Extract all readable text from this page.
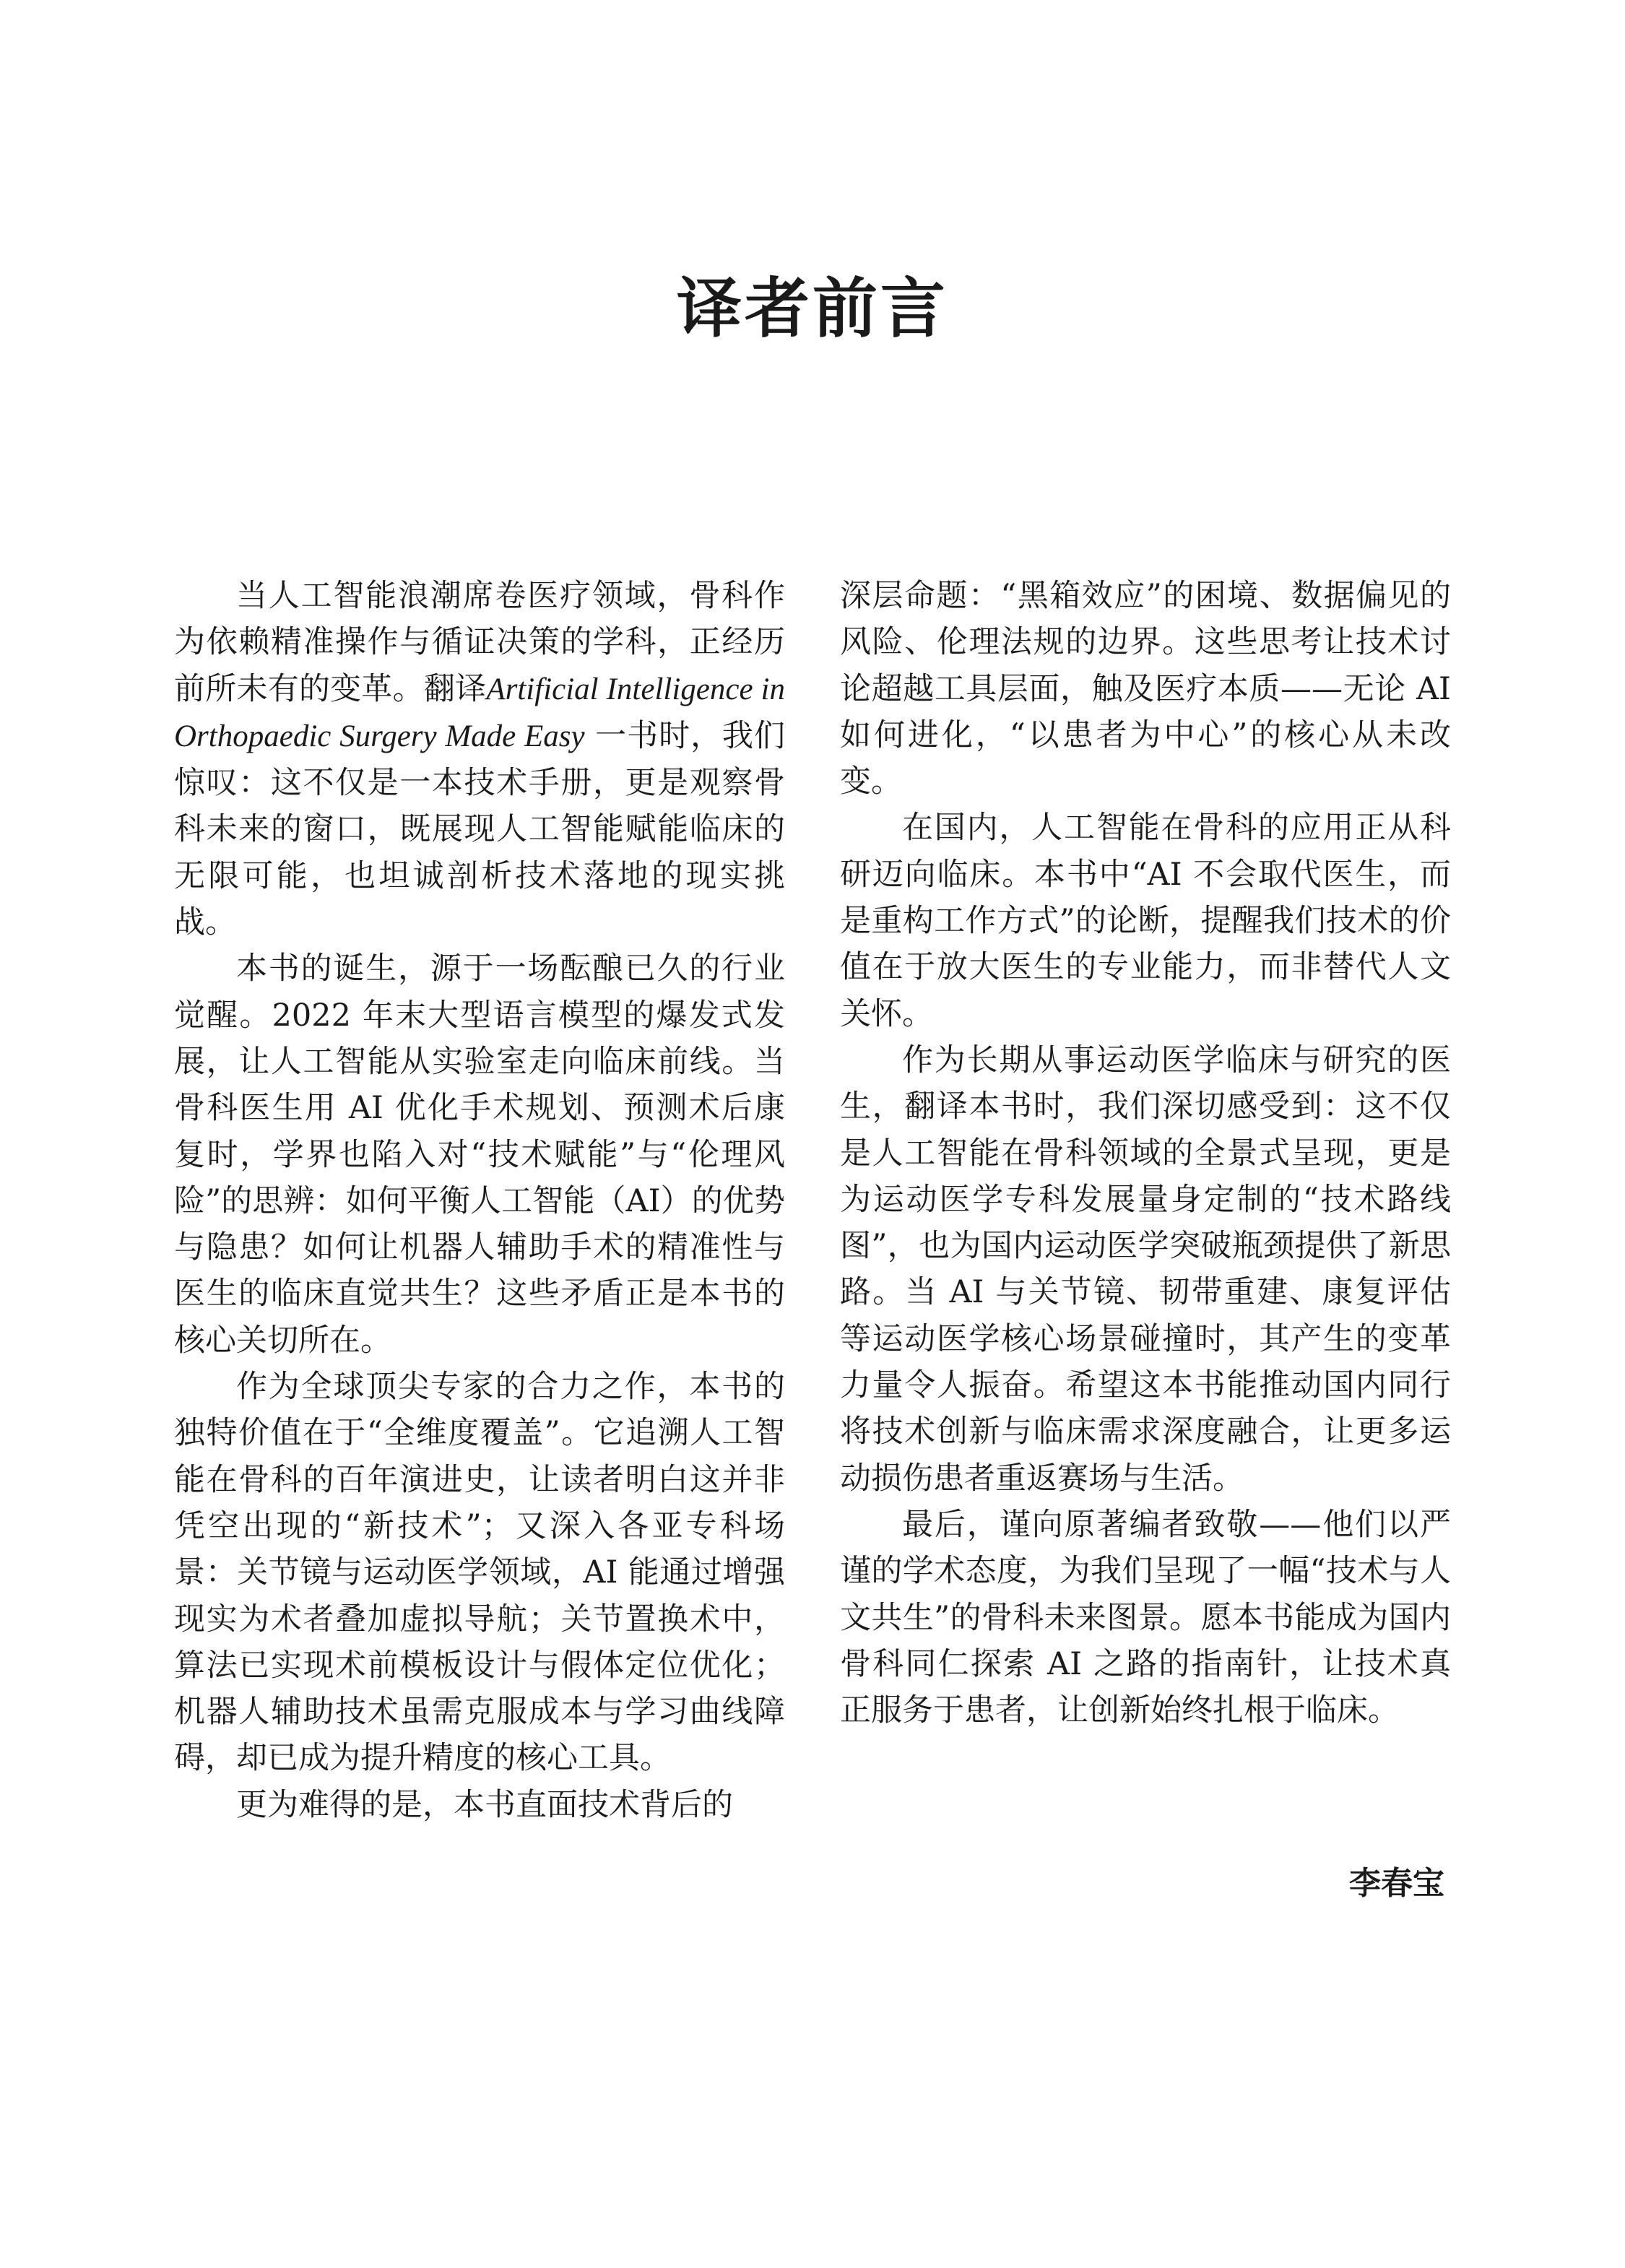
译者前言

当人工智能浪潮席卷医疗领域，骨科作为依赖精准操作与循证决策的学科，正经历前所未有的变革。翻译Artificial Intelligence in Orthopaedic Surgery Made Easy 一书时，我们惊叹：这不仅是一本技术手册，更是观察骨科未来的窗口，既展现人工智能赋能临床的无限可能，也坦诚剖析技术落地的现实挑战。

本书的诞生，源于一场酝酿已久的行业觉醒。2022 年末大型语言模型的爆发式发展，让人工智能从实验室走向临床前线。当骨科医生用 AI 优化手术规划、预测术后康复时，学界也陷入对“技术赋能”与“伦理风险”的思辨：如何平衡人工智能（AI）的优势与隐患？如何让机器人辅助手术的精准性与医生的临床直觉共生？这些矛盾正是本书的核心关切所在。

作为全球顶尖专家的合力之作，本书的独特价值在于“全维度覆盖”。它追溯人工智能在骨科的百年演进史，让读者明白这并非凭空出现的“新技术”；又深入各亚专科场景：关节镜与运动医学领域，AI 能通过增强现实为术者叠加虚拟导航；关节置换术中，算法已实现术前模板设计与假体定位优化；机器人辅助技术虽需克服成本与学习曲线障碍，却已成为提升精度的核心工具。

更为难得的是，本书直面技术背后的

深层命题：“黑箱效应”的困境、数据偏见的风险、伦理法规的边界。这些思考让技术讨论超越工具层面，触及医疗本质——无论 AI 如何进化，“以患者为中心”的核心从未改变。

在国内，人工智能在骨科的应用正从科研迈向临床。本书中“AI 不会取代医生，而是重构工作方式”的论断，提醒我们技术的价值在于放大医生的专业能力，而非替代人文关怀。

作为长期从事运动医学临床与研究的医生，翻译本书时，我们深切感受到：这不仅是人工智能在骨科领域的全景式呈现，更是为运动医学专科发展量身定制的“技术路线图”，也为国内运动医学突破瓶颈提供了新思路。当 AI 与关节镜、韧带重建、康复评估等运动医学核心场景碰撞时，其产生的变革力量令人振奋。希望这本书能推动国内同行将技术创新与临床需求深度融合，让更多运动损伤患者重返赛场与生活。

最后，谨向原著编者致敬——他们以严谨的学术态度，为我们呈现了一幅“技术与人文共生”的骨科未来图景。愿本书能成为国内骨科同仁探索 AI 之路的指南针，让技术真正服务于患者，让创新始终扎根于临床。

李春宝
